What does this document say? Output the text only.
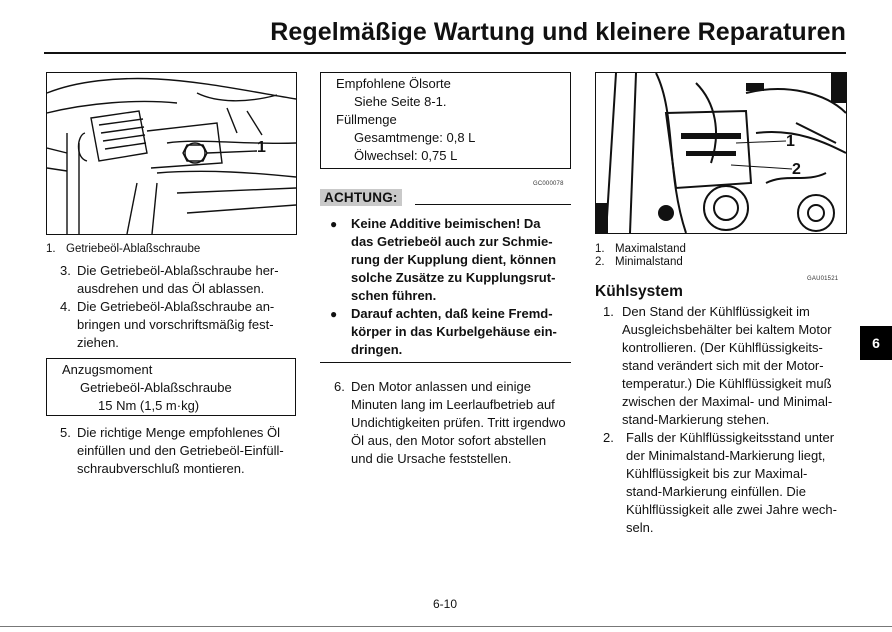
Regelmäßige Wartung und kleinere Reparaturen
1
1. Getriebeöl-Ablaßschraube
3. Die Getriebeöl-Ablaßschraube her-
ausdrehen und das Öl ablassen.
4. Die Getriebeöl-Ablaßschraube an-
bringen und vorschriftsmäßig fest-
ziehen.
Anzugsmoment
Getriebeöl-Ablaßschraube
15 Nm (1,5 m·kg)
5. Die richtige Menge empfohlenes Öl
einfüllen und den Getriebeöl-Einfüll-
schraubverschluß montieren.
Empfohlene Ölsorte
Siehe Seite 8-1.
Füllmenge
Gesamtmenge: 0,8 L
Ölwechsel: 0,75 L
GC000078
ACHTUNG:
● Keine Additive beimischen! Da
das Getriebeöl auch zur Schmie-
rung der Kupplung dient, können
solche Zusätze zu Kupplungsrut-
schen führen.
● Darauf achten, daß keine Fremd-
körper in das Kurbelgehäuse ein-
dringen.
6. Den Motor anlassen und einige
Minuten lang im Leerlaufbetrieb auf
Undichtigkeiten prüfen. Tritt irgendwo
Öl aus, den Motor sofort abstellen
und die Ursache feststellen.
1
2
1. Maximalstand
2. Minimalstand
GAU01521
Kühlsystem
1. Den Stand der Kühlflüssigkeit im
Ausgleichsbehälter bei kaltem Motor
kontrollieren. (Der Kühlflüssigkeits-
stand verändert sich mit der Motor-
temperatur.) Die Kühlflüssigkeit muß
zwischen der Maximal- und Minimal-
stand-Markierung stehen.
2. Falls der Kühlflüssigkeitsstand unter
der Minimalstand-Markierung liegt,
Kühlflüssigkeit bis zur Maximal-
stand-Markierung einfüllen. Die
Kühlflüssigkeit alle zwei Jahre wech-
seln.
6
6-10
